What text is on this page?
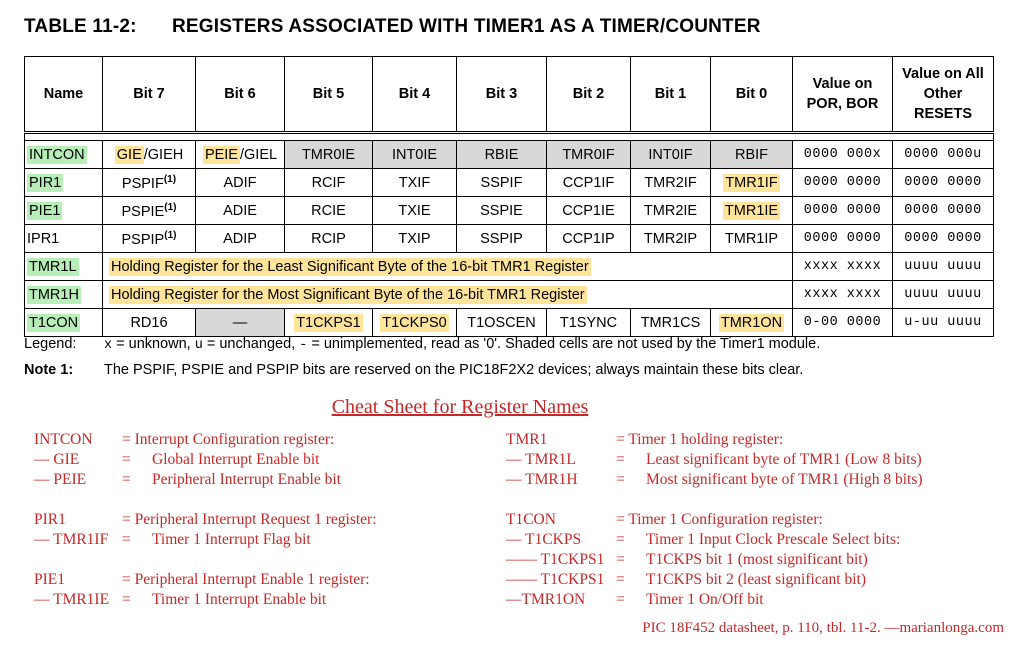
TABLE 11-2: REGISTERS ASSOCIATED WITH TIMER1 AS A TIMER/COUNTER
Name	Bit 7	Bit 6	Bit 5	Bit 4	Bit 3	Bit 2	Bit 1	Bit 0	Value on POR, BOR	Value on All Other RESETS

INTCON	GIE /GIEH	PEIE /GIEL	TMR0IE	INT0IE	RBIE	TMR0IF	INT0IF	RBIF	0000 000x	0000 000u
PIR1	PSPIF$^{(1)}$	ADIF	RCIF	TXIF	SSPIF	CCP1IF	TMR2IF	TMR1IF	0000 0000	0000 0000
PIE1	PSPIE$^{(1)}$	ADIE	RCIE	TXIE	SSPIE	CCP1IE	TMR2IE	TMR1IE	0000 0000	0000 0000
IPR1	PSPIP$^{(1)}$	ADIP	RCIP	TXIP	SSPIP	CCP1IP	TMR2IP	TMR1IP	0000 0000	0000 0000
TMR1L	Holding Register for the Least Significant Byte of the 16-bit TMR1 Register								xxxx xxxx	uuuu uuuu
TMR1H	Holding Register for the Most Significant Byte of the 16-bit TMR1 Register								xxxx xxxx	uuuu uuuu
T1CON	RD16	—	T1CKPS1	T1CKPS0	T1OSCEN	T1SYNC	TMR1CS	TMR1ON	0-00 0000	u-uu uuuu
Legend: x = unknown, u = unchanged, - = unimplemented, read as '0'. Shaded cells are not used by the Timer1 module.
Note 1: The PSPIF, PSPIE and PSPIP bits are reserved on the PIC18F2X2 devices; always maintain these bits clear.
Cheat Sheet for Register Names
INTCON = Interrupt Configuration register:
— GIE	= Global Interrupt Enable bit
— PEIE = Peripheral Interrupt Enable bit
PIR1	= Peripheral Interrupt Request 1 register:
— TMR1IF = Timer 1 Interrupt Flag bit
PIE1	= Peripheral Interrupt Enable 1 register:
— TMR1IE = Timer 1 Interrupt Enable bit
TMR1	= Timer 1 holding register:
— TMR1L	= Least significant byte of TMR1 (Low 8 bits)
— TMR1H = Most significant byte of TMR1 (High 8 bits)
T1CON	= Timer 1 Configuration register:
— T1CKPS = Timer 1 Input Clock Prescale Select bits:
—— T1CKPS1 = T1CKPS bit 1 (most significant bit)
—— T1CKPS1 = T1CKPS bit 2 (least significant bit)
—TMR1ON = Timer 1 On/Off bit
PIC 18F452 datasheet, p. 110, tbl. 11-2. —marianlonga.com
